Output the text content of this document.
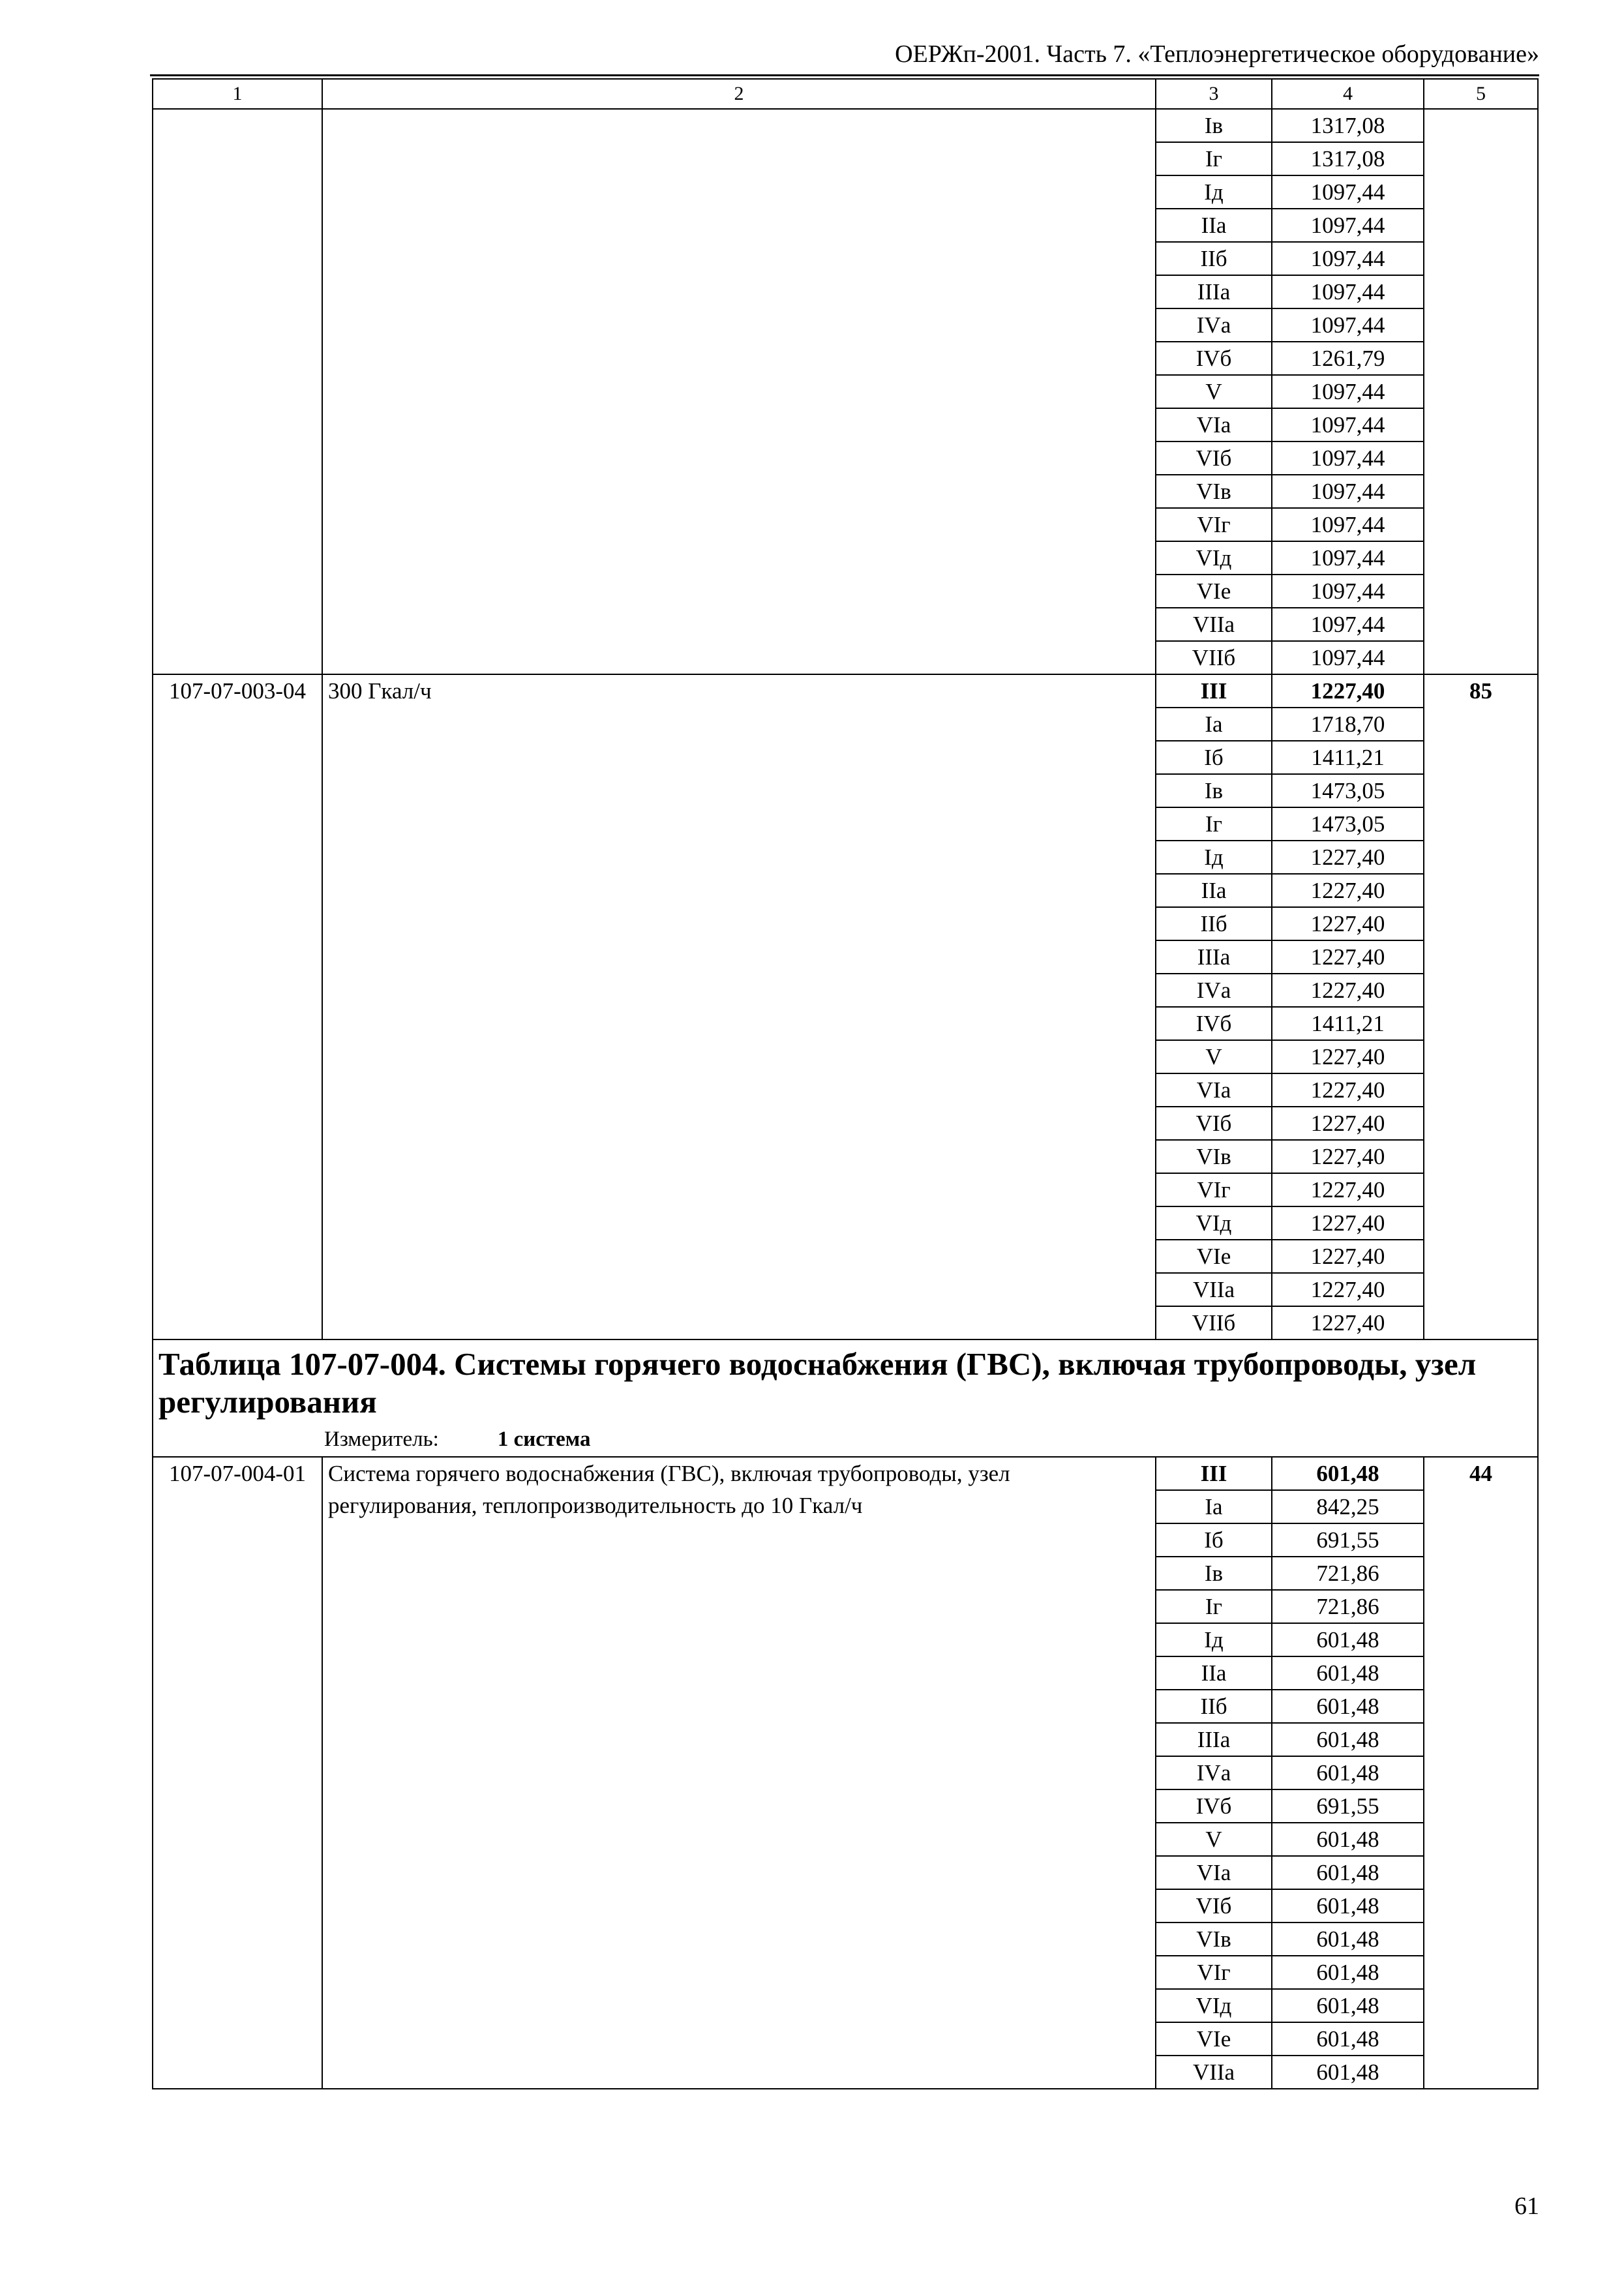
ОЕРЖп-2001. Часть 7. «Теплоэнергетическое оборудование»
1	2	3	4	5
		Iв	1317,08	
		Iг	1317,08	
		Iд	1097,44	
		IIа	1097,44	
		IIб	1097,44	
		IIIа	1097,44	
		IVа	1097,44	
		IVб	1261,79	
		V	1097,44	
		VIа	1097,44	
		VIб	1097,44	
		VIв	1097,44	
		VIг	1097,44	
		VIд	1097,44	
		VIе	1097,44	
		VIIа	1097,44	
		VIIб	1097,44	
107-07-003-04	300 Гкал/ч	III	1227,40	85
		Iа	1718,70	
		Iб	1411,21	
		Iв	1473,05	
		Iг	1473,05	
		Iд	1227,40	
		IIа	1227,40	
		IIб	1227,40	
		IIIа	1227,40	
		IVа	1227,40	
		IVб	1411,21	
		V	1227,40	
		VIа	1227,40	
		VIб	1227,40	
		VIв	1227,40	
		VIг	1227,40	
		VIд	1227,40	
		VIе	1227,40	
		VIIа	1227,40	
		VIIб	1227,40	

Таблица 107-07-004. Системы горячего водоснабжения (ГВС), включая трубопроводы, узел регулирования
Измеритель: 1 система				

107-07-004-01	Система горячего водоснабжения (ГВС), включая трубопроводы, узел регулирования, теплопроизводительность до 10 Гкал/ч	III	601,48	44
		Iа	842,25	
		Iб	691,55	
		Iв	721,86	
		Iг	721,86	
		Iд	601,48	
		IIа	601,48	
		IIб	601,48	
		IIIа	601,48	
		IVа	601,48	
		IVб	691,55	
		V	601,48	
		VIа	601,48	
		VIб	601,48	
		VIв	601,48	
		VIг	601,48	
		VIд	601,48	
		VIе	601,48	
		VIIа	601,48	
61
